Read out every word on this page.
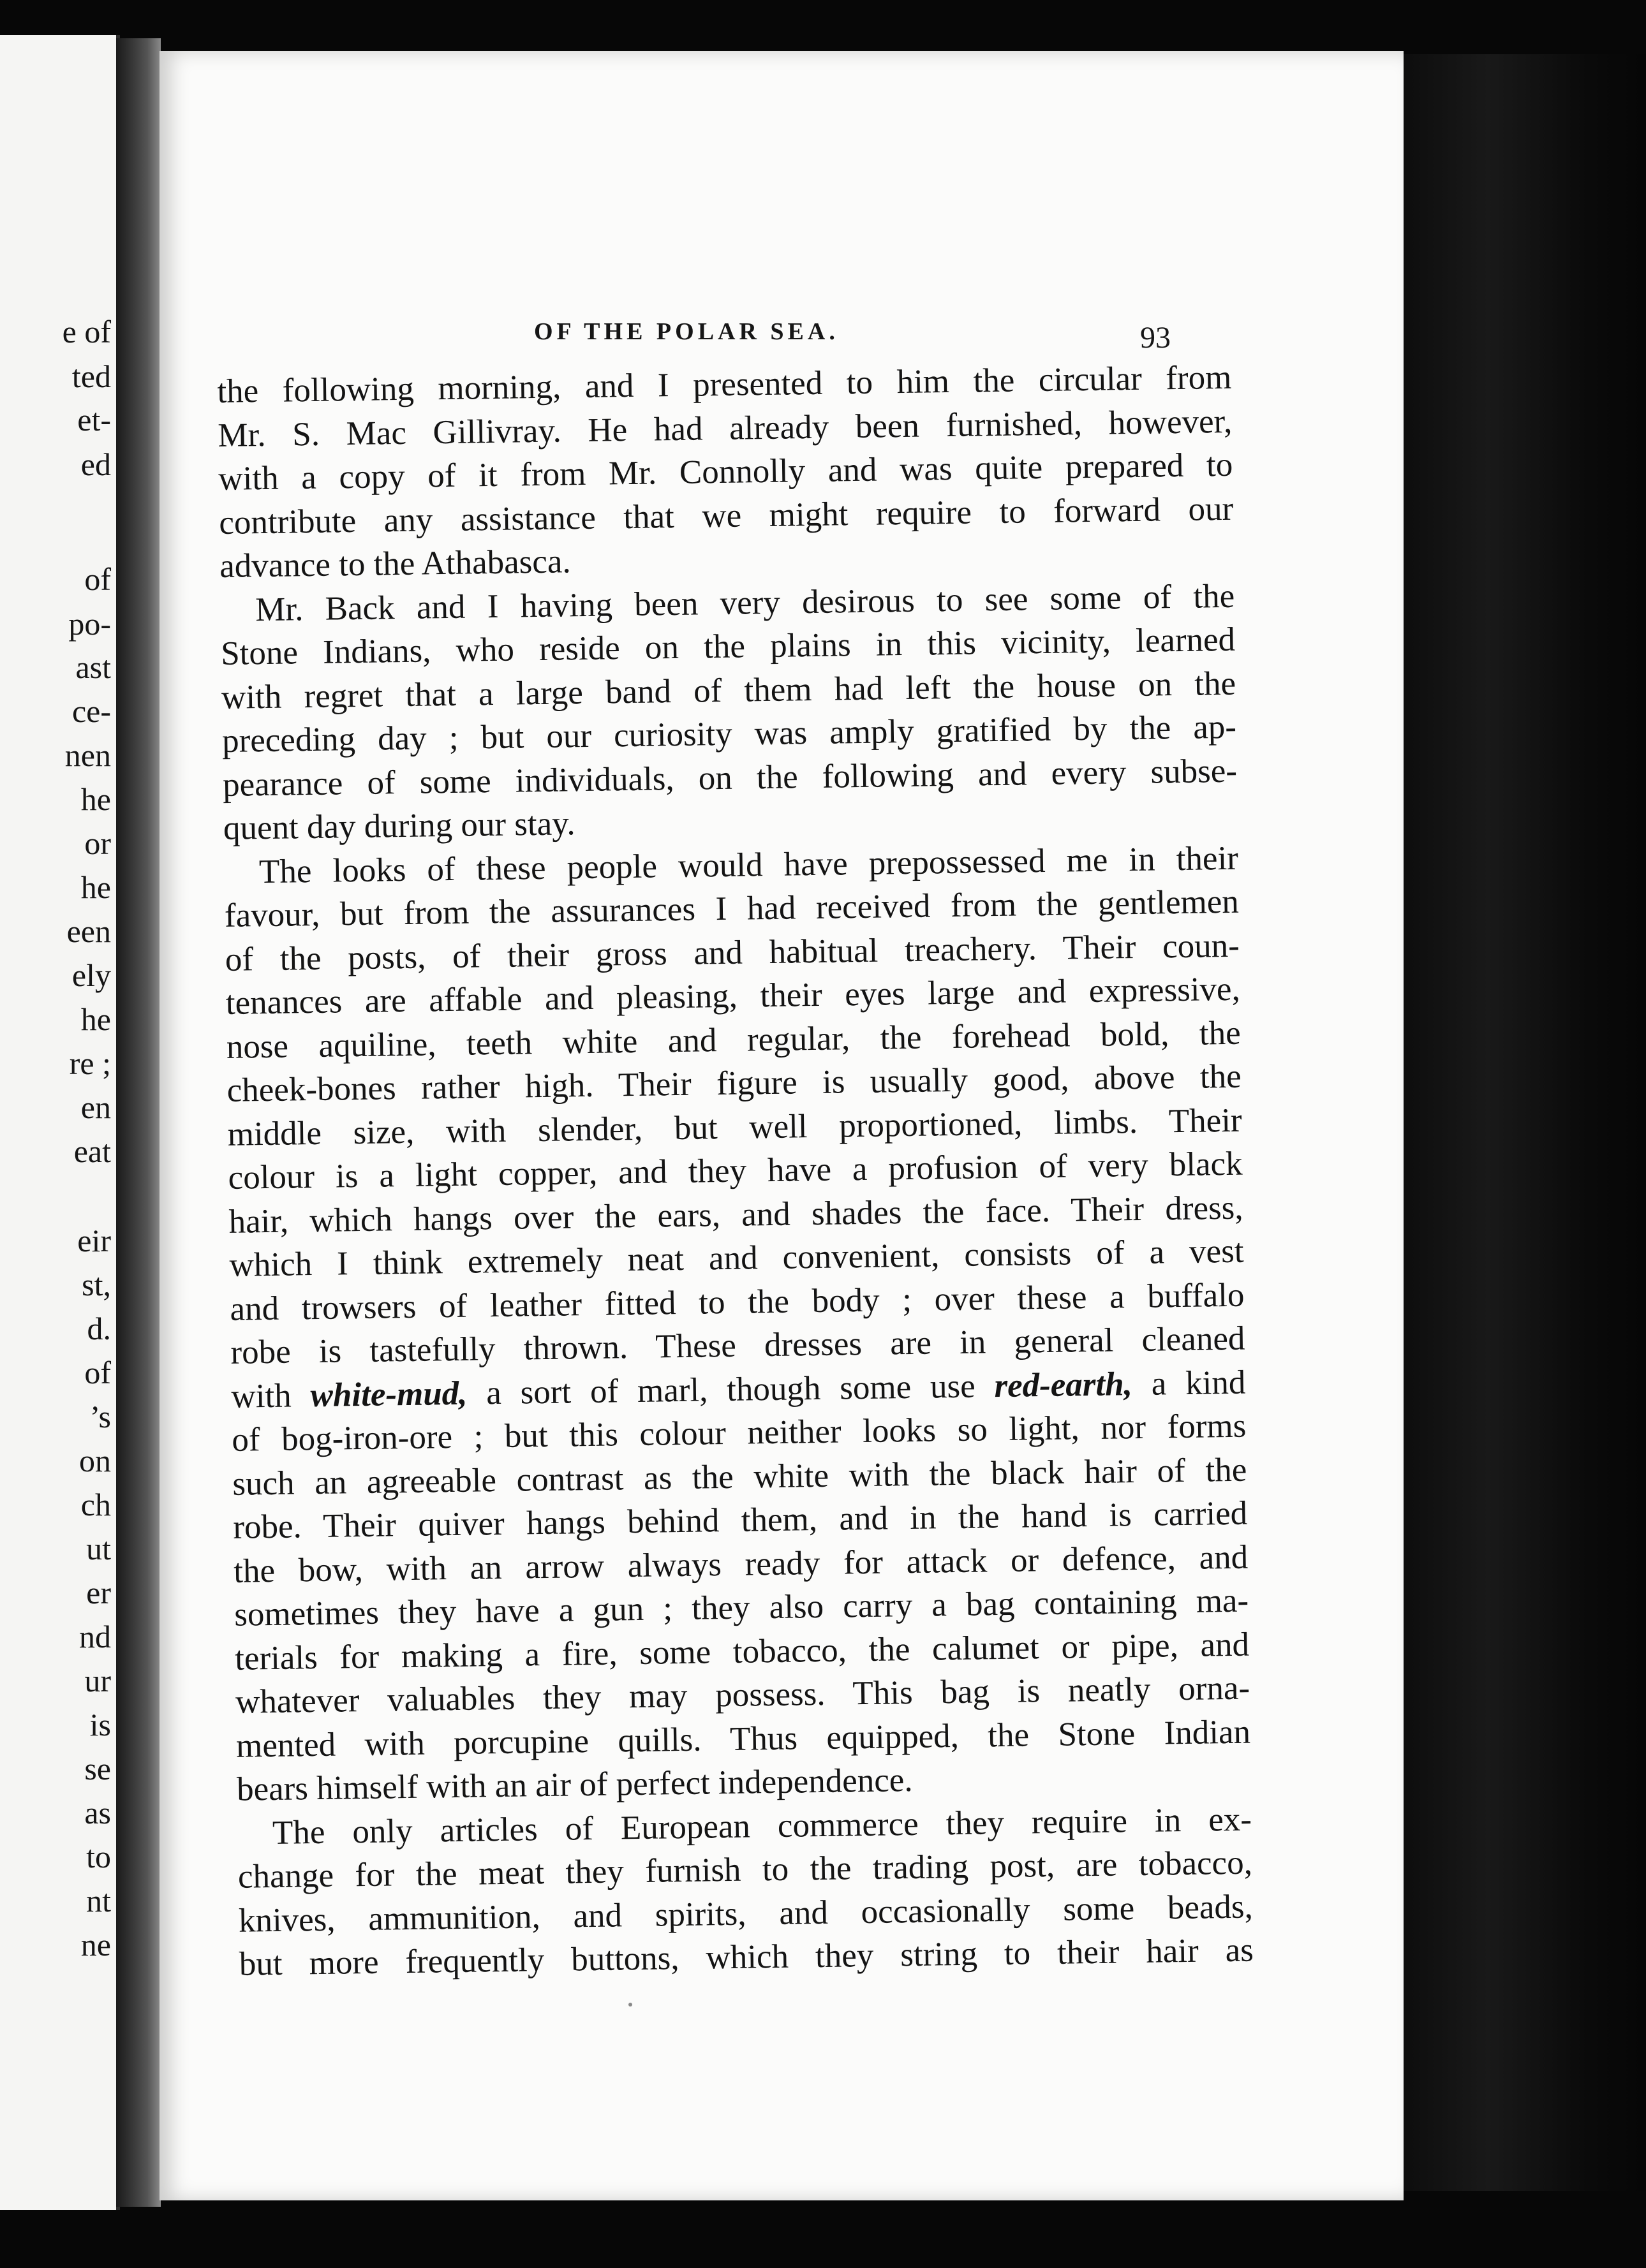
e of
ted
et-
ed
of
po-
ast
ce-
nen
he
or
he
een
ely
he
re ;
en
eat
eir
st,
d.
of
’s
on
ch
ut
er
nd
ur
is
se
as
to
nt
ne
OF THE POLAR SEA.	93
the following morning, and I presented to him the circular from
Mr. S. Mac Gillivray. He had already been furnished, however,
with a copy of it from Mr. Connolly and was quite prepared to
contribute any assistance that we might require to forward our
advance to the Athabasca.
Mr. Back and I having been very desirous to see some of the
Stone Indians, who reside on the plains in this vicinity, learned
with regret that a large band of them had left the house on the
preceding day ; but our curiosity was amply gratified by the ap-
pearance of some individuals, on the following and every subse-
quent day during our stay.
The looks of these people would have prepossessed me in their
favour, but from the assurances I had received from the gentlemen
of the posts, of their gross and habitual treachery. Their coun-
tenances are affable and pleasing, their eyes large and expressive,
nose aquiline, teeth white and regular, the forehead bold, the
cheek-bones rather high. Their figure is usually good, above the
middle size, with slender, but well proportioned, limbs. Their
colour is a light copper, and they have a profusion of very black
hair, which hangs over the ears, and shades the face. Their dress,
which I think extremely neat and convenient, consists of a vest
and trowsers of leather fitted to the body ; over these a buffalo
robe is tastefully thrown. These dresses are in general cleaned
with white-mud, a sort of marl, though some use red-earth, a kind
of bog-iron-ore ; but this colour neither looks so light, nor forms
such an agreeable contrast as the white with the black hair of the
robe. Their quiver hangs behind them, and in the hand is carried
the bow, with an arrow always ready for attack or defence, and
sometimes they have a gun ; they also carry a bag containing ma-
terials for making a fire, some tobacco, the calumet or pipe, and
whatever valuables they may possess. This bag is neatly orna-
mented with porcupine quills. Thus equipped, the Stone Indian
bears himself with an air of perfect independence.
The only articles of European commerce they require in ex-
change for the meat they furnish to the trading post, are tobacco,
knives, ammunition, and spirits, and occasionally some beads,
but more frequently buttons, which they string to their hair as
